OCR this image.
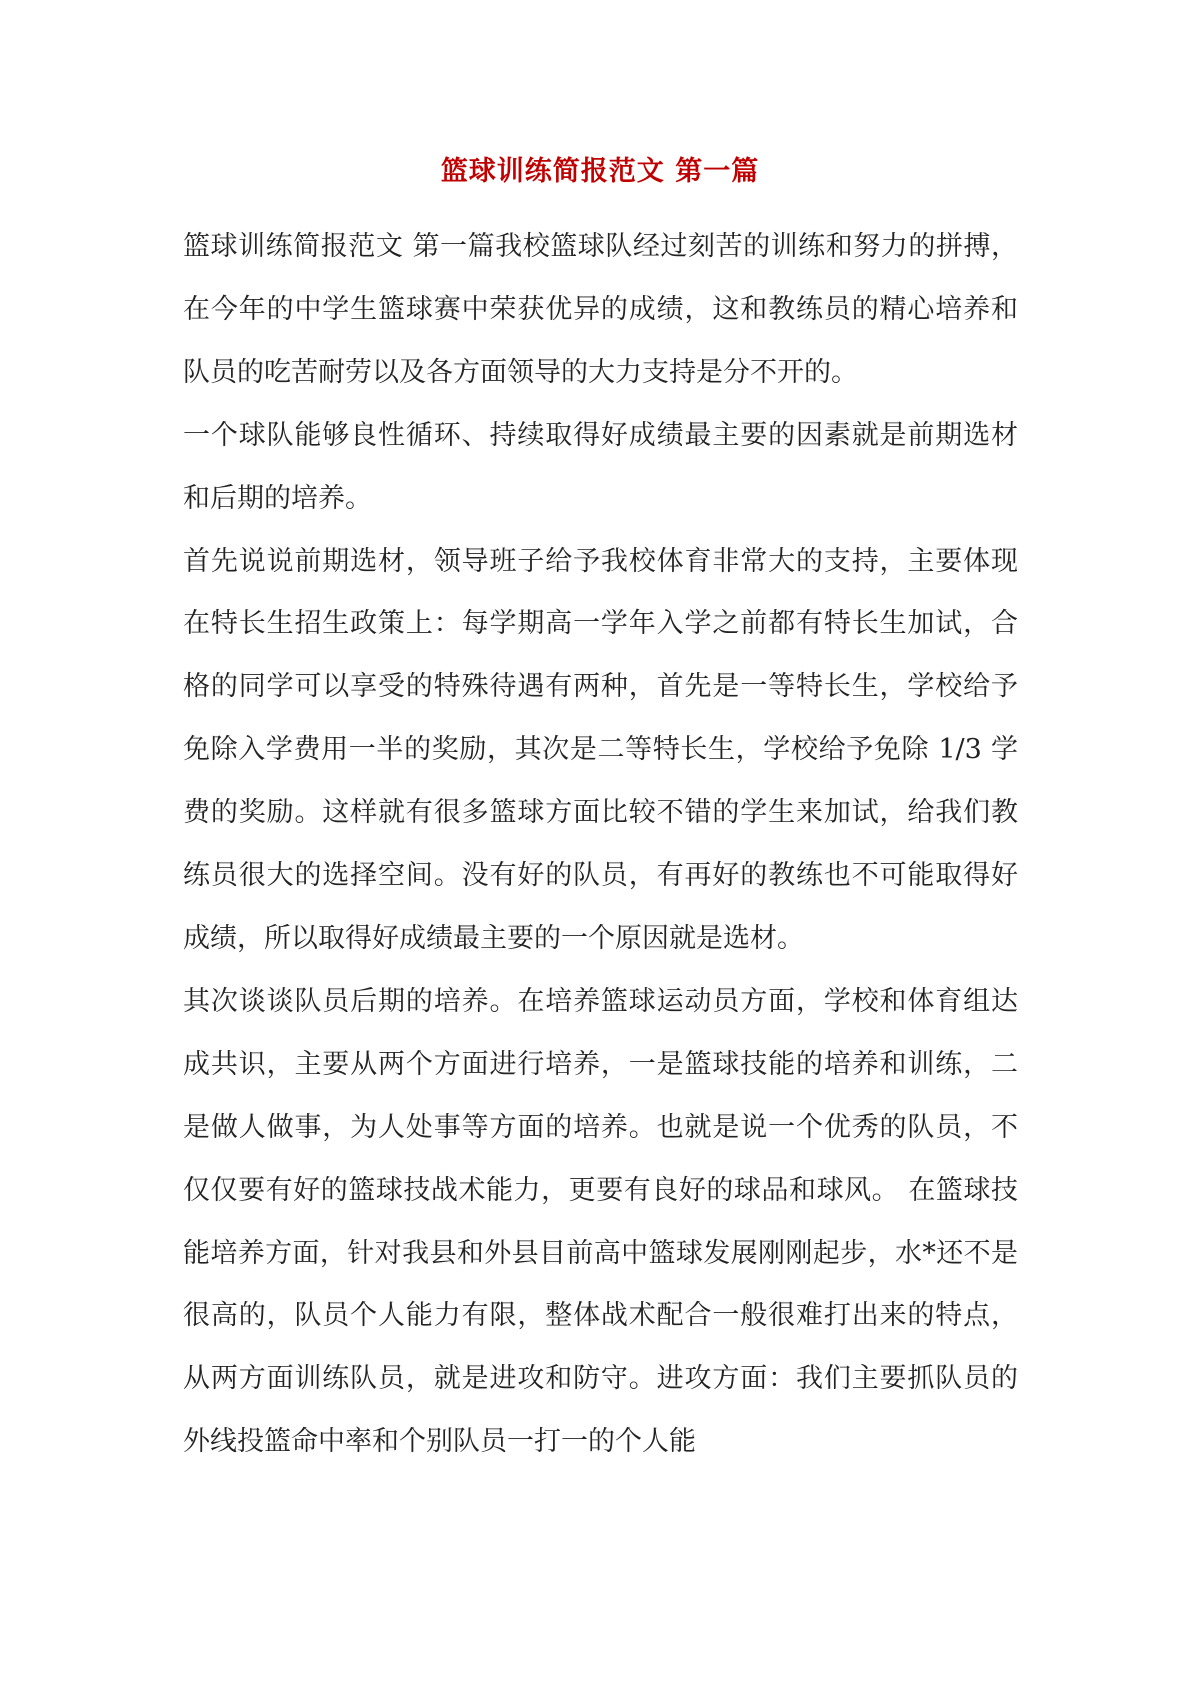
篮球训练简报范文 第一篇

篮球训练简报范文 第一篇我校篮球队经过刻苦的训练和努力的拼搏，在今年的中学生篮球赛中荣获优异的成绩，这和教练员的精心培养和队员的吃苦耐劳以及各方面领导的大力支持是分不开的。

一个球队能够良性循环、持续取得好成绩最主要的因素就是前期选材和后期的培养。

首先说说前期选材，领导班子给予我校体育非常大的支持，主要体现在特长生招生政策上：每学期高一学年入学之前都有特长生加试，合格的同学可以享受的特殊待遇有两种，首先是一等特长生，学校给予免除入学费用一半的奖励，其次是二等特长生，学校给予免除 1/3 学费的奖励。这样就有很多篮球方面比较不错的学生来加试，给我们教练员很大的选择空间。没有好的队员，有再好的教练也不可能取得好成绩，所以取得好成绩最主要的一个原因就是选材。

其次谈谈队员后期的培养。在培养篮球运动员方面，学校和体育组达成共识，主要从两个方面进行培养，一是篮球技能的培养和训练，二是做人做事，为人处事等方面的培养。也就是说一个优秀的队员，不仅仅要有好的篮球技战术能力，更要有良好的球品和球风。 在篮球技能培养方面，针对我县和外县目前高中篮球发展刚刚起步，水*还不是很高的，队员个人能力有限，整体战术配合一般很难打出来的特点，从两方面训练队员，就是进攻和防守。进攻方面：我们主要抓队员的外线投篮命中率和个别队员一打一的个人能
